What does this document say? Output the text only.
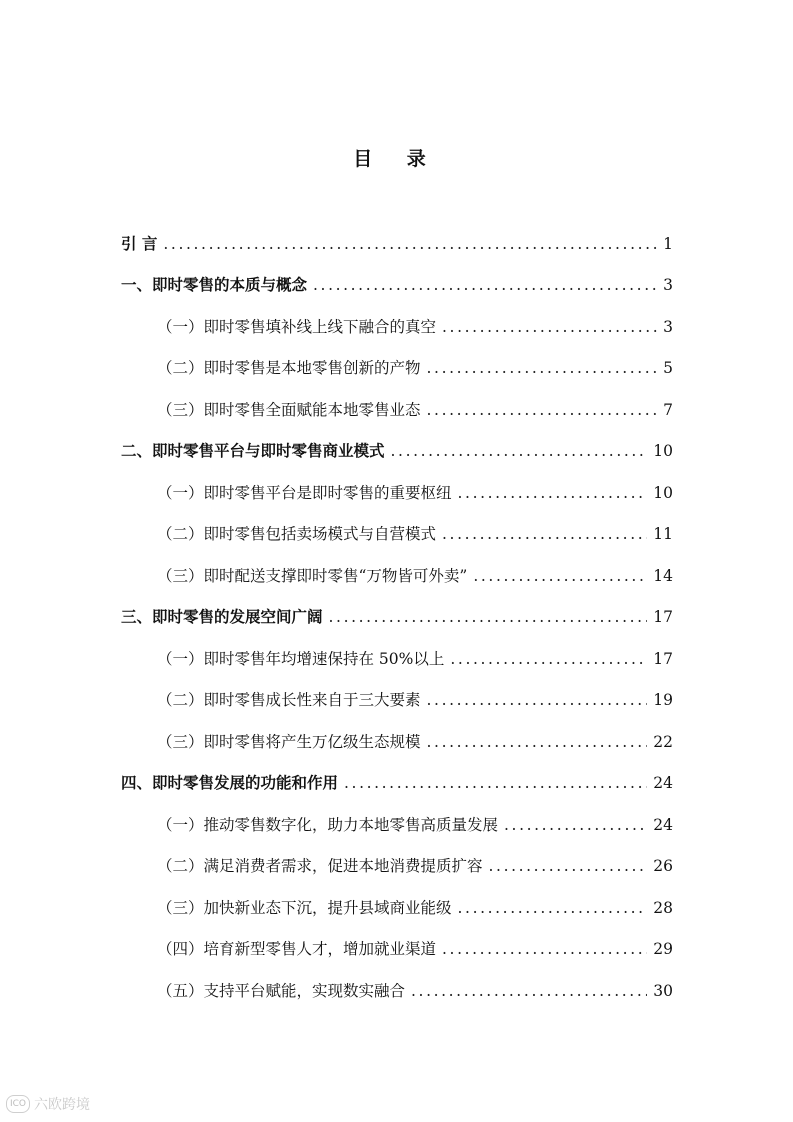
目 录
引 言 .....	1
一、即时零售的本质与概念 .....	3
（一）即时零售填补线上线下融合的真空 .....	3
（二）即时零售是本地零售创新的产物 .....	5
（三）即时零售全面赋能本地零售业态 .....	7
二、即时零售平台与即时零售商业模式 .....	10
（一）即时零售平台是即时零售的重要枢纽 .....	10
（二）即时零售包括卖场模式与自营模式 .....	11
（三）即时配送支撑即时零售“万物皆可外卖” .....	14
三、即时零售的发展空间广阔 .....	17
（一）即时零售年均增速保持在 50%以上 .....	17
（二）即时零售成长性来自于三大要素 .....	19
（三）即时零售将产生万亿级生态规模 .....	22
四、即时零售发展的功能和作用 .....	24
（一）推动零售数字化，助力本地零售高质量发展 .....	24
（二）满足消费者需求，促进本地消费提质扩容 .....	26
（三）加快新业态下沉，提升县域商业能级 .....	28
（四）培育新型零售人才，增加就业渠道 .....	29
（五）支持平台赋能，实现数实融合 .....	30
ICO 六欧跨境
